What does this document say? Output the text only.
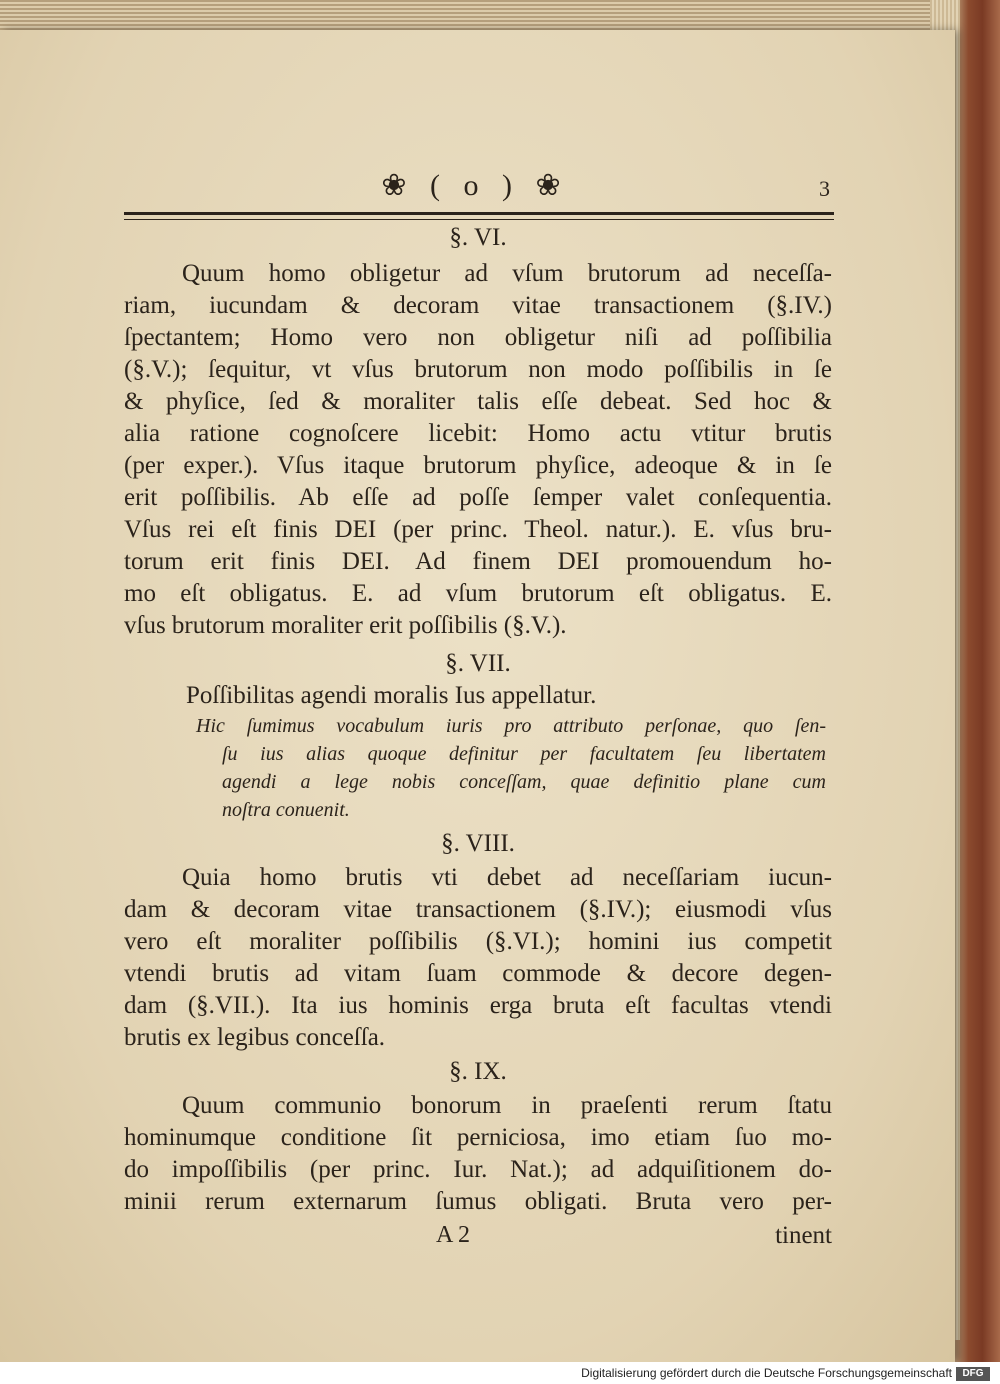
❀ ( o ) ❀	3
§. VI.
Quum homo obligetur ad vſum brutorum ad neceſſa-
riam, iucundam & decoram vitae transactionem (§.IV.)
ſpectantem; Homo vero non obligetur niſi ad poſſibilia
(§.V.); ſequitur, vt vſus brutorum non modo poſſibilis in ſe
& phyſice, ſed & moraliter talis eſſe debeat. Sed hoc &
alia ratione cognoſcere licebit: Homo actu vtitur brutis
(per exper.). Vſus itaque brutorum phyſice, adeoque & in ſe
erit poſſibilis. Ab eſſe ad poſſe ſemper valet conſequentia.
Vſus rei eſt finis DEI (per princ. Theol. natur.). E. vſus bru-
torum erit finis DEI. Ad finem DEI promouendum ho-
mo eſt obligatus. E. ad vſum brutorum eſt obligatus. E.
vſus brutorum moraliter erit poſſibilis (§.V.).
§. VII.
Poſſibilitas agendi moralis Ius appellatur.
Hic ſumimus vocabulum iuris pro attributo perſonae, quo ſen-
ſu ius alias quoque definitur per facultatem ſeu libertatem
agendi a lege nobis conceſſam, quae definitio plane cum
noſtra conuenit.
§. VIII.
Quia homo brutis vti debet ad neceſſariam iucun-
dam & decoram vitae transactionem (§.IV.); eiusmodi vſus
vero eſt moraliter poſſibilis (§.VI.); homini ius competit
vtendi brutis ad vitam ſuam commode & decore degen-
dam (§.VII.). Ita ius hominis erga bruta eſt facultas vtendi
brutis ex legibus conceſſa.
§. IX.
Quum communio bonorum in praeſenti rerum ſtatu
hominumque conditione ſit perniciosa, imo etiam ſuo mo-
do impoſſibilis (per princ. Iur. Nat.); ad adquiſitionem do-
minii rerum externarum ſumus obligati. Bruta vero per-
A 2	tinent
Digitalisierung gefördert durch die Deutsche Forschungsgemeinschaft	DFG
